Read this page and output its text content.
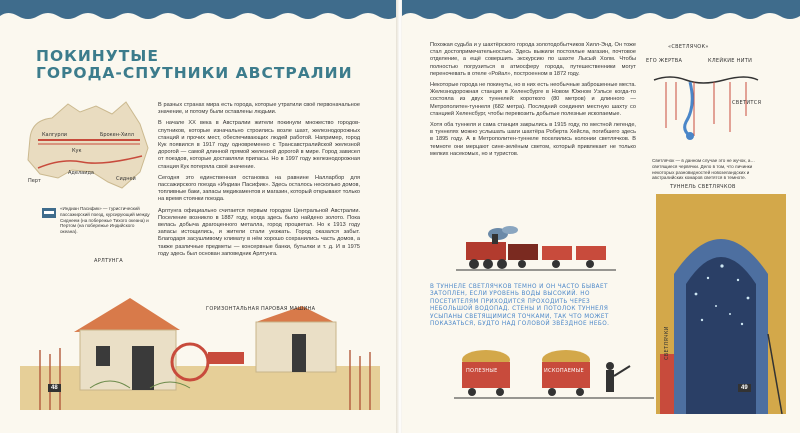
ПОКИНУТЫЕ
ГОРОДА-СПУТНИКИ АВСТРАЛИИ
Калгурли	Брокен-Хилл
Кук
Аделаида
Сидней
Перт

В разных странах мира есть города, которые утратили своё первоначальное значение, и потому были оставлены людьми.

В начале XX века в Австралии жители покинули множество городов-спутников, которые изначально строились возле шахт, железнодорожных станций и прочих мест, обеспечивающих людей работой. Например, город Кук появился в 1917 году одновременно с Трансавстралийской железной дорогой — самой длинной прямой железной дорогой в мире. Город зависел от поездов, которые доставляли припасы. Но в 1997 году железнодорожная станция Кук потеряла своё значение.

Сегодня это единственная остановка на равнине Налларбор для пассажирского поезда «Индиан Пасифик». Здесь осталось несколько домов, топливные баки, запасы медикаментов и магазин, который открывают только на время стоянки поезда.

Арлтунга официально считается первым городом Центральной Австралии. Поселение возникло в 1887 году, когда здесь было найдено золото. Пока велась добыча драгоценного металла, город процветал. Но к 1913 году запасы истощились, и жители стали уезжать. Город оказался забыт. Благодаря засушливому климату в нём хорошо сохранились часть домов, а также различные предметы — консервные банки, бутылки и т. д. И в 1975 году здесь был основан заповедник Арлтунга.

«Индиан Пасифик» — туристический пассажирский поезд, курсирующий между Сиднеем (на побережье Тихого океана) и Пертом (на побережье Индийского океана).
АРЛТУНГА
ГОРИЗОНТАЛЬНАЯ ПАРОВАЯ МАШИНА
48

Похожая судьба и у шахтёрского города золотодобытчиков Хилл-Энд. Он тоже стал достопримечательностью. Здесь выжили постоялые магазин, почтовое отделение, а ещё совершить экскурсию по шахте Лысый Холм. Чтобы полностью погрузиться в атмосферу города, путешественники могут переночевать в отеле «Ройал», построенном в 1872 году.

Некоторые города не покинуты, но в них есть необычные заброшенные места. Железнодорожная станция в Хеленсбурге в Новом Южном Уэльсе когда-то состояла из двух туннелей: короткого (80 метров) и длинного — Метрополитен-туннеля (682 метра). Последний соединял местную шахту со станцией Хеленсбург, чтобы перевозить добытые полезные ископаемые.

Хотя оба туннеля и сама станция закрылись в 1915 году, по местной легенде, в туннелях можно услышать шаги шахтёра Роберта Хейсла, погибшего здесь в 1895 году. А в Метрополитен-туннеле поселились колонии светлячков. В темноте они мерцают сине-зелёным светом, который привлекает не только мелких насекомых, но и туристов.

«СВЕТЛЯЧОК»
ЕГО ЖЕРТВА	КЛЕЙКИЕ НИТИ
СВЕТИТСЯ
Светлячок — в данном случае это не жучок, а… светящиеся червячки. Дело в том, что личинки некоторых разновидностей новозеландских и австралийских комаров светятся в темноте.
ТУННЕЛЬ СВЕТЛЯЧКОВ
СВЕТЛЯЧКИ
В ТУННЕЛЕ СВЕТЛЯЧКОВ ТЕМНО И ОН ЧАСТО БЫВАЕТ ЗАТОПЛЕН, ЕСЛИ УРОВЕНЬ ВОДЫ ВЫСОКИЙ. НО ПОСЕТИТЕЛЯМ ПРИХОДИТСЯ ПРОХОДИТЬ ЧЕРЕЗ НЕБОЛЬШОЙ ВОДОПАД. СТЕНЫ И ПОТОЛОК ТУННЕЛЯ УСЫПАНЫ СВЕТЯЩИМИСЯ ТОЧКАМИ, ТАК ЧТО МОЖЕТ ПОКАЗАТЬСЯ, БУДТО НАД ГОЛОВОЙ ЗВЁЗДНОЕ НЕБО.
ПОЛЕЗНЫЕ	ИСКОПАЕМЫЕ
49
